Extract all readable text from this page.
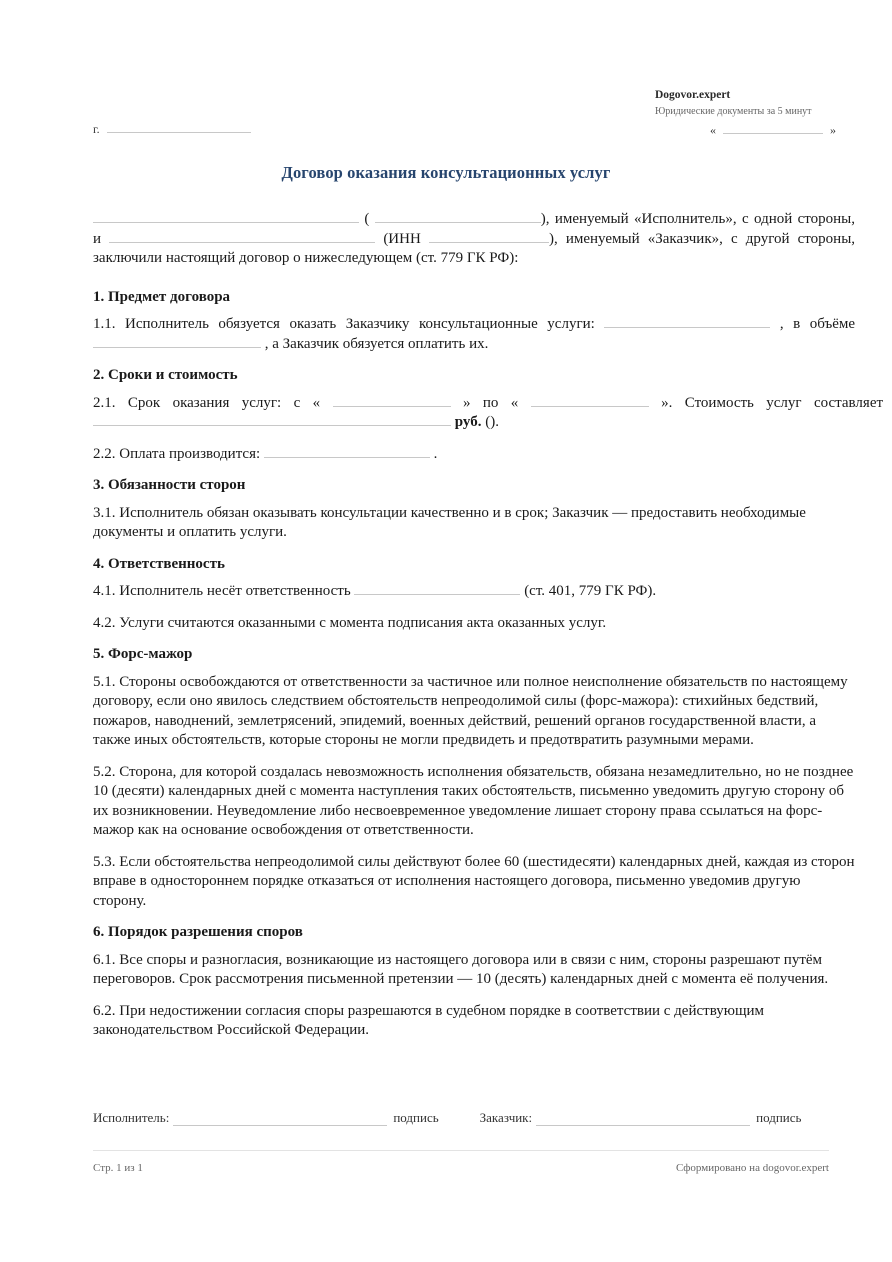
Dogovor.expert
Юридические документы за 5 минут
г.	«	»
Договор оказания консультационных услуг

(	), именуемый «Исполнитель», с одной стороны, и	(ИНН	), именуемый «Заказчик», с другой стороны, заключили настоящий договор о нижеследующем (ст. 779 ГК РФ):

1. Предмет договора

1.1. Исполнитель обязуется оказать Заказчику консультационные услуги:	, в объёме  , а Заказчик обязуется оплатить их.

2. Сроки и стоимость

2.1. Срок оказания услуг: с «	» по «	». Стоимость услуг составляет  руб. ().

2.2. Оплата производится:	.

3. Обязанности сторон

3.1. Исполнитель обязан оказывать консультации качественно и в срок; Заказчик — предоставить необходимые документы и оплатить услуги.

4. Ответственность

4.1. Исполнитель несёт ответственность	(ст. 401, 779 ГК РФ).

4.2. Услуги считаются оказанными с момента подписания акта оказанных услуг.

5. Форс-мажор

5.1. Стороны освобождаются от ответственности за частичное или полное неисполнение обязательств по настоящему договору, если оно явилось следствием обстоятельств непреодолимой силы (форс-мажора): стихийных бедствий, пожаров, наводнений, землетрясений, эпидемий, военных действий, решений органов государственной власти, а также иных обстоятельств, которые стороны не могли предвидеть и предотвратить разумными мерами.

5.2. Сторона, для которой создалась невозможность исполнения обязательств, обязана незамедлительно, но не позднее 10 (десяти) календарных дней с момента наступления таких обстоятельств, письменно уведомить другую сторону об их возникновении. Неуведомление либо несвоевременное уведомление лишает сторону права ссылаться на форс-мажор как на основание освобождения от ответственности.

5.3. Если обстоятельства непреодолимой силы действуют более 60 (шестидесяти) календарных дней, каждая из сторон вправе в одностороннем порядке отказаться от исполнения настоящего договора, письменно уведомив другую сторону.

6. Порядок разрешения споров

6.1. Все споры и разногласия, возникающие из настоящего договора или в связи с ним, стороны разрешают путём переговоров. Срок рассмотрения письменной претензии — 10 (десять) календарных дней с момента её получения.

6.2. При недостижении согласия споры разрешаются в судебном порядке в соответствии с действующим законодательством Российской Федерации.

Исполнитель:	подпись	Заказчик:	подпись
Стр. 1 из 1	Сформировано на dogovor.expert
